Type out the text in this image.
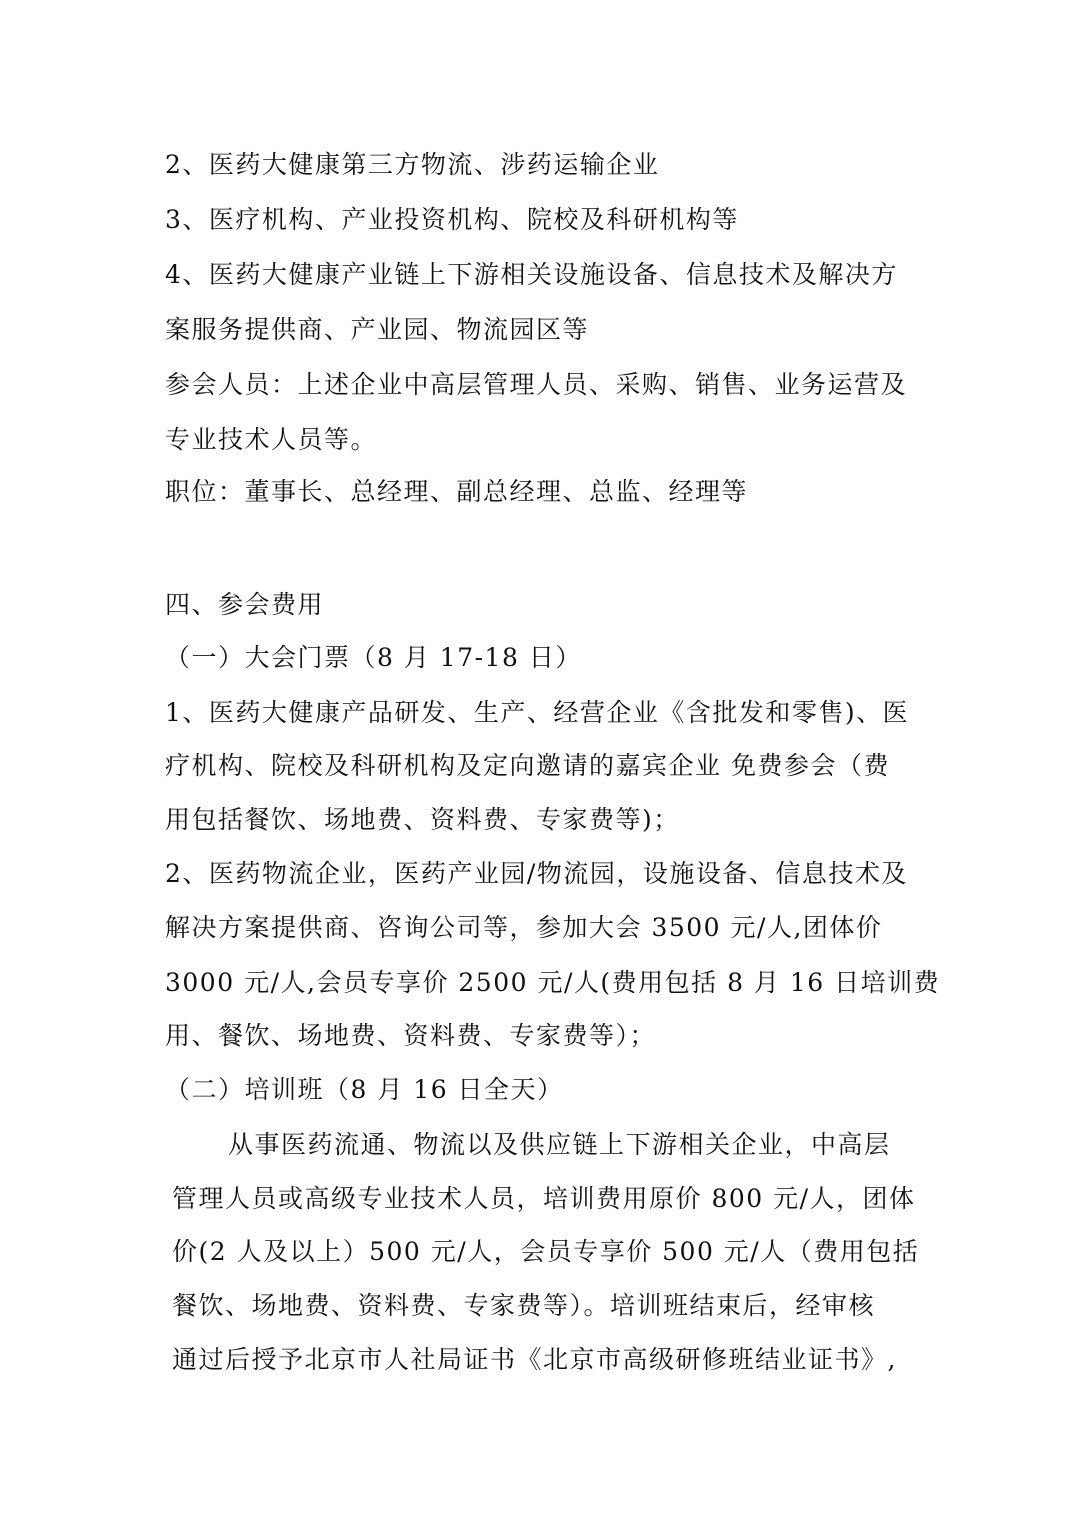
2、医药大健康第三方物流、涉药运输企业
3、医疗机构、产业投资机构、院校及科研机构等
4、医药大健康产业链上下游相关设施设备、信息技术及解决方
案服务提供商、产业园、物流园区等
参会人员：上述企业中高层管理人员、采购、销售、业务运营及
专业技术人员等。
职位：董事长、总经理、副总经理、总监、经理等
四、参会费用
（一）大会门票（8 月 17-18 日）
1、医药大健康产品研发、生产、经营企业《含批发和零售)、医
疗机构、院校及科研机构及定向邀请的嘉宾企业 免费参会（费
用包括餐饮、场地费、资料费、专家费等)；
2、医药物流企业，医药产业园/物流园，设施设备、信息技术及
解决方案提供商、咨询公司等，参加大会 3500 元/人,团体价
3000 元/人,会员专享价 2500 元/人(费用包括 8 月 16 日培训费
用、餐饮、场地费、资料费、专家费等）；
（二）培训班（8 月 16 日全天）
从事医药流通、物流以及供应链上下游相关企业，中高层
管理人员或高级专业技术人员，培训费用原价 800 元/人，团体
价(2 人及以上）500 元/人，会员专享价 500 元/人（费用包括
餐饮、场地费、资料费、专家费等）。培训班结束后，经审核
通过后授予北京市人社局证书《北京市高级研修班结业证书》,
